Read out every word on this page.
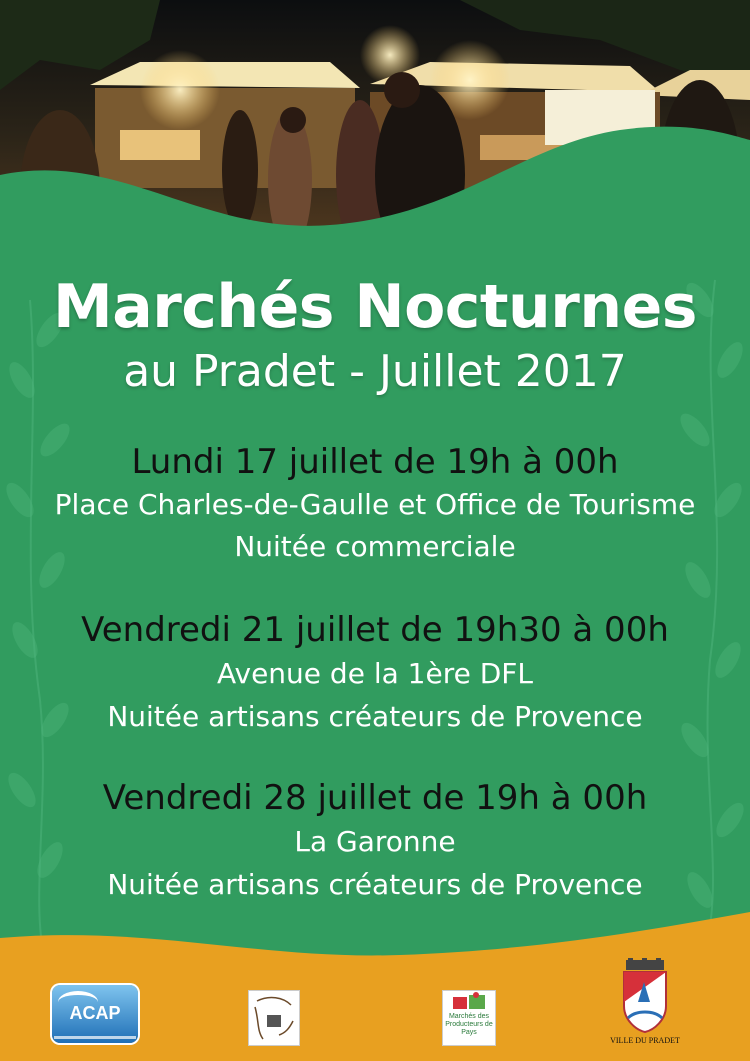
Marchés Nocturnes
au Pradet - Juillet 2017
Lundi 17 juillet de 19h à 00h
Place Charles-de-Gaulle et Office de Tourisme
Nuitée commerciale
Vendredi 21 juillet de 19h30 à 00h
Avenue de la 1ère DFL
Nuitée artisans créateurs de Provence
Vendredi 28 juillet de 19h à 00h
La Garonne
Nuitée artisans créateurs de Provence
ACAP	Marchés des Producteurs de Pays
VILLE DU PRADET
